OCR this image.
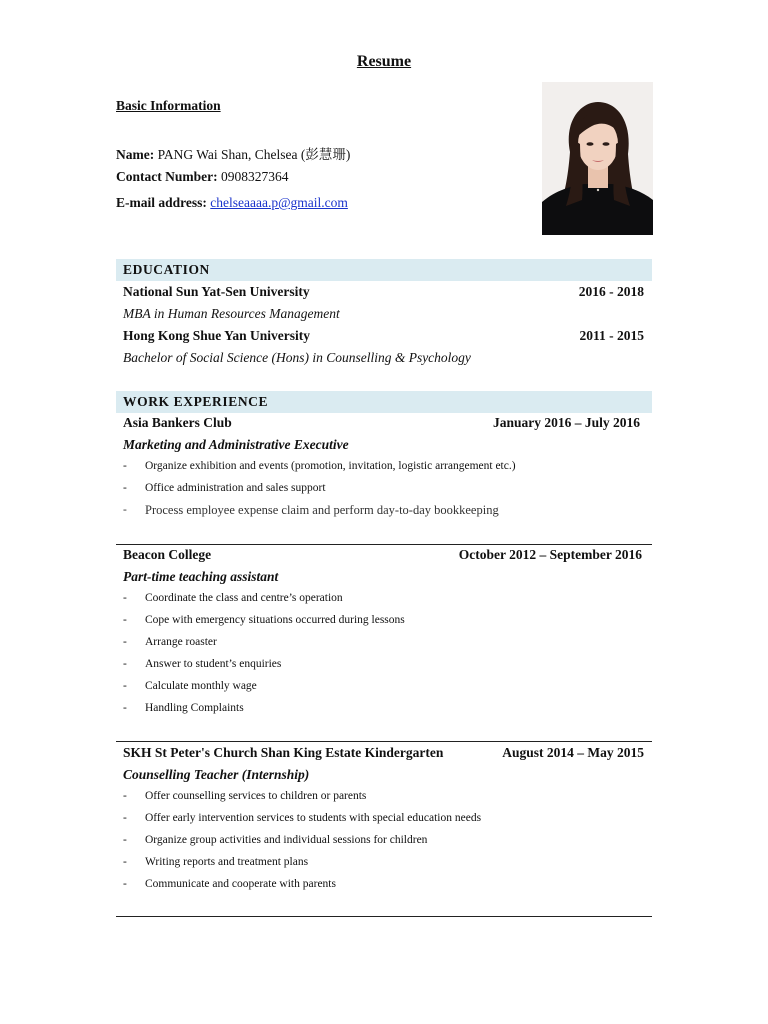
Resume
Basic Information
Name: PANG Wai Shan, Chelsea (彭慧珊)
Contact Number: 0908327364
E-mail address: chelseaaaa.p@gmail.com
EDUCATION
National Sun Yat-Sen University	2016 - 2018
MBA in Human Resources Management
Hong Kong Shue Yan University	2011 - 2015
Bachelor of Social Science (Hons) in Counselling & Psychology
WORK EXPERIENCE
Asia Bankers Club	January 2016 – July 2016
Marketing and Administrative Executive
- Organize exhibition and events (promotion, invitation, logistic arrangement etc.)
- Office administration and sales support
- Process employee expense claim and perform day-to-day bookkeeping
Beacon College	October 2012 – September 2016
Part-time teaching assistant
- Coordinate the class and centre’s operation
- Cope with emergency situations occurred during lessons
- Arrange roaster
- Answer to student’s enquiries
- Calculate monthly wage
- Handling Complaints
SKH St Peter's Church Shan King Estate Kindergarten	August 2014 – May 2015
Counselling Teacher (Internship)
- Offer counselling services to children or parents
- Offer early intervention services to students with special education needs
- Organize group activities and individual sessions for children
- Writing reports and treatment plans
- Communicate and cooperate with parents
